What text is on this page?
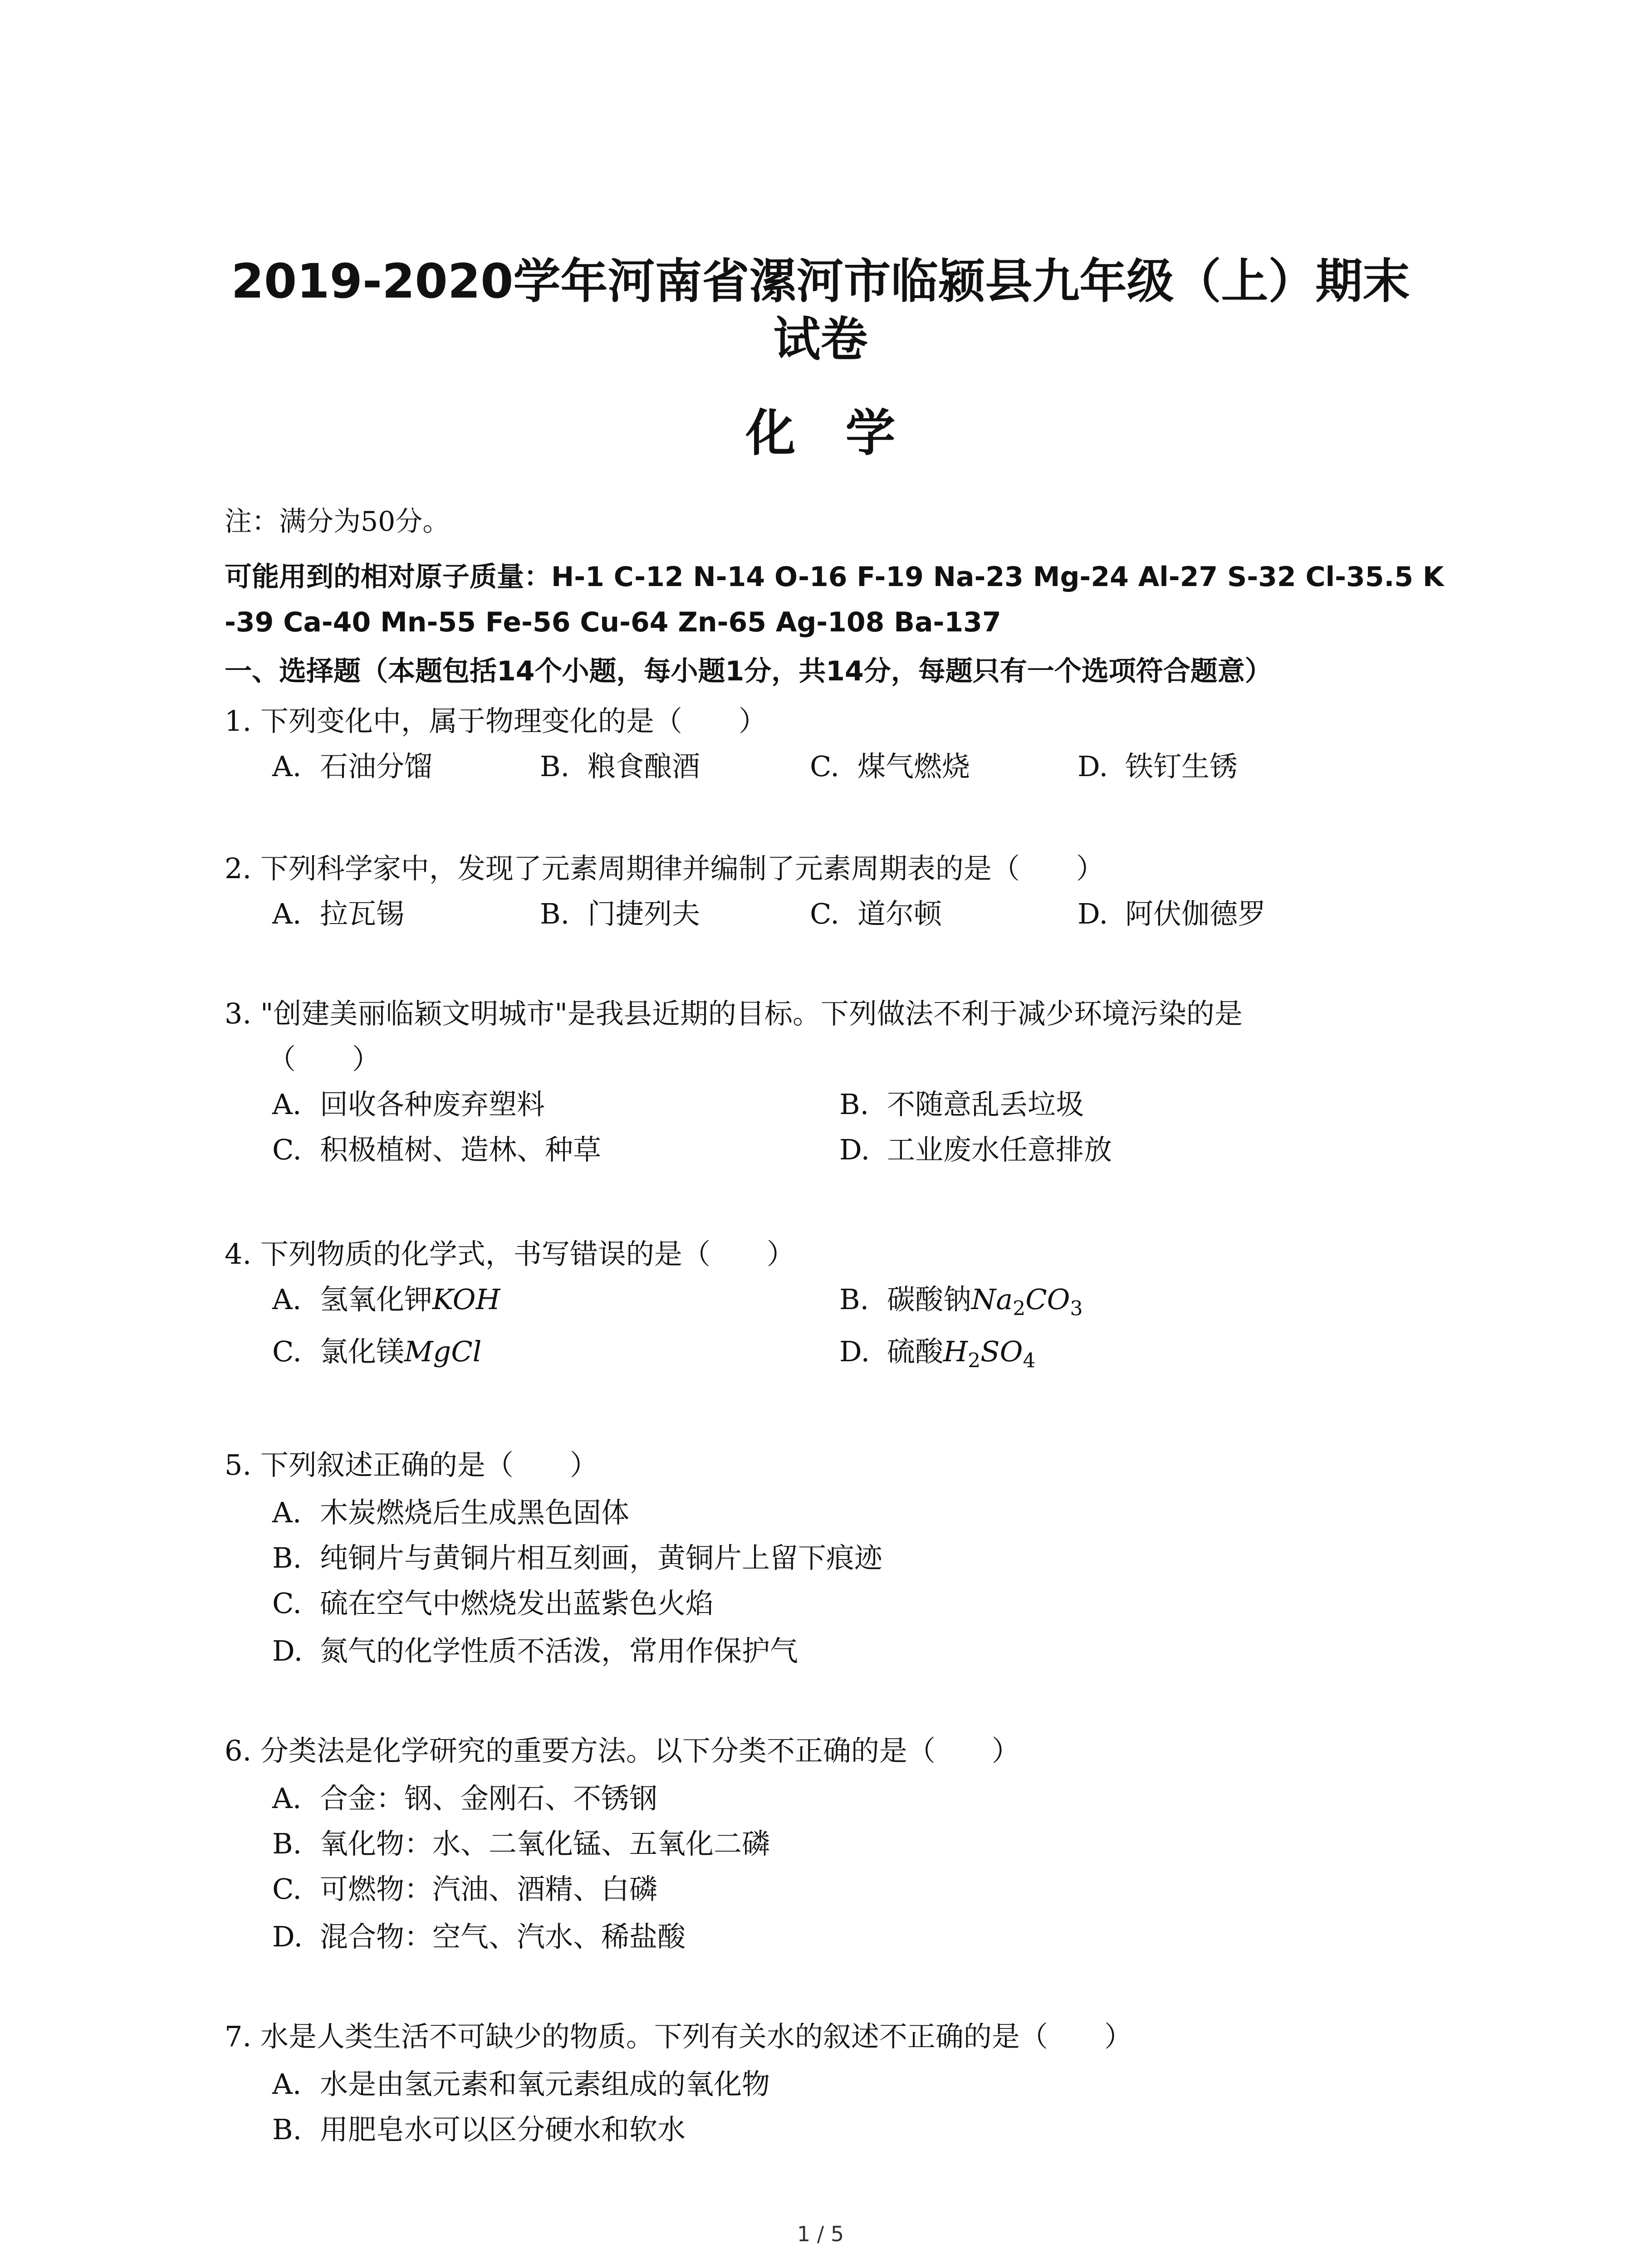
2019-2020学年河南省漯河市临颍县九年级（上）期末
试卷
化学
注：满分为50分。
可能用到的相对原子质量：H-1 C-12 N-14 O-16 F-19 Na-23 Mg-24 Al-27 S-32 Cl-35.5 K
-39 Ca-40 Mn-55 Fe-56 Cu-64 Zn-65 Ag-108 Ba-137
一、选择题（本题包括14个小题，每小题1分，共14分，每题只有一个选项符合题意）
1. 下列变化中，属于物理变化的是（　　）
A. 石油分馏	B. 粮食酿酒	C. 煤气燃烧	D. 铁钉生锈
2. 下列科学家中，发现了元素周期律并编制了元素周期表的是（　　）
A. 拉瓦锡	B. 门捷列夫	C. 道尔顿	D. 阿伏伽德罗
3. "创建美丽临颖文明城市"是我县近期的目标。下列做法不利于减少环境污染的是
（　　）
A. 回收各种废弃塑料	B. 不随意乱丢垃圾
C. 积极植树、造林、种草	D. 工业废水任意排放
4. 下列物质的化学式，书写错误的是（　　）
A. 氢氧化钾KOH	B. 碳酸钠$Na_2CO_3$
C. 氯化镁MgCl	D. 硫酸$H_2SO_4$
5. 下列叙述正确的是（　　）
A. 木炭燃烧后生成黑色固体
B. 纯铜片与黄铜片相互刻画，黄铜片上留下痕迹
C. 硫在空气中燃烧发出蓝紫色火焰
D. 氮气的化学性质不活泼，常用作保护气
6. 分类法是化学研究的重要方法。以下分类不正确的是（　　）
A. 合金：钢、金刚石、不锈钢
B. 氧化物：水、二氧化锰、五氧化二磷
C. 可燃物：汽油、酒精、白磷
D. 混合物：空气、汽水、稀盐酸
7. 水是人类生活不可缺少的物质。下列有关水的叙述不正确的是（　　）
A. 水是由氢元素和氧元素组成的氧化物
B. 用肥皂水可以区分硬水和软水
1 / 5
